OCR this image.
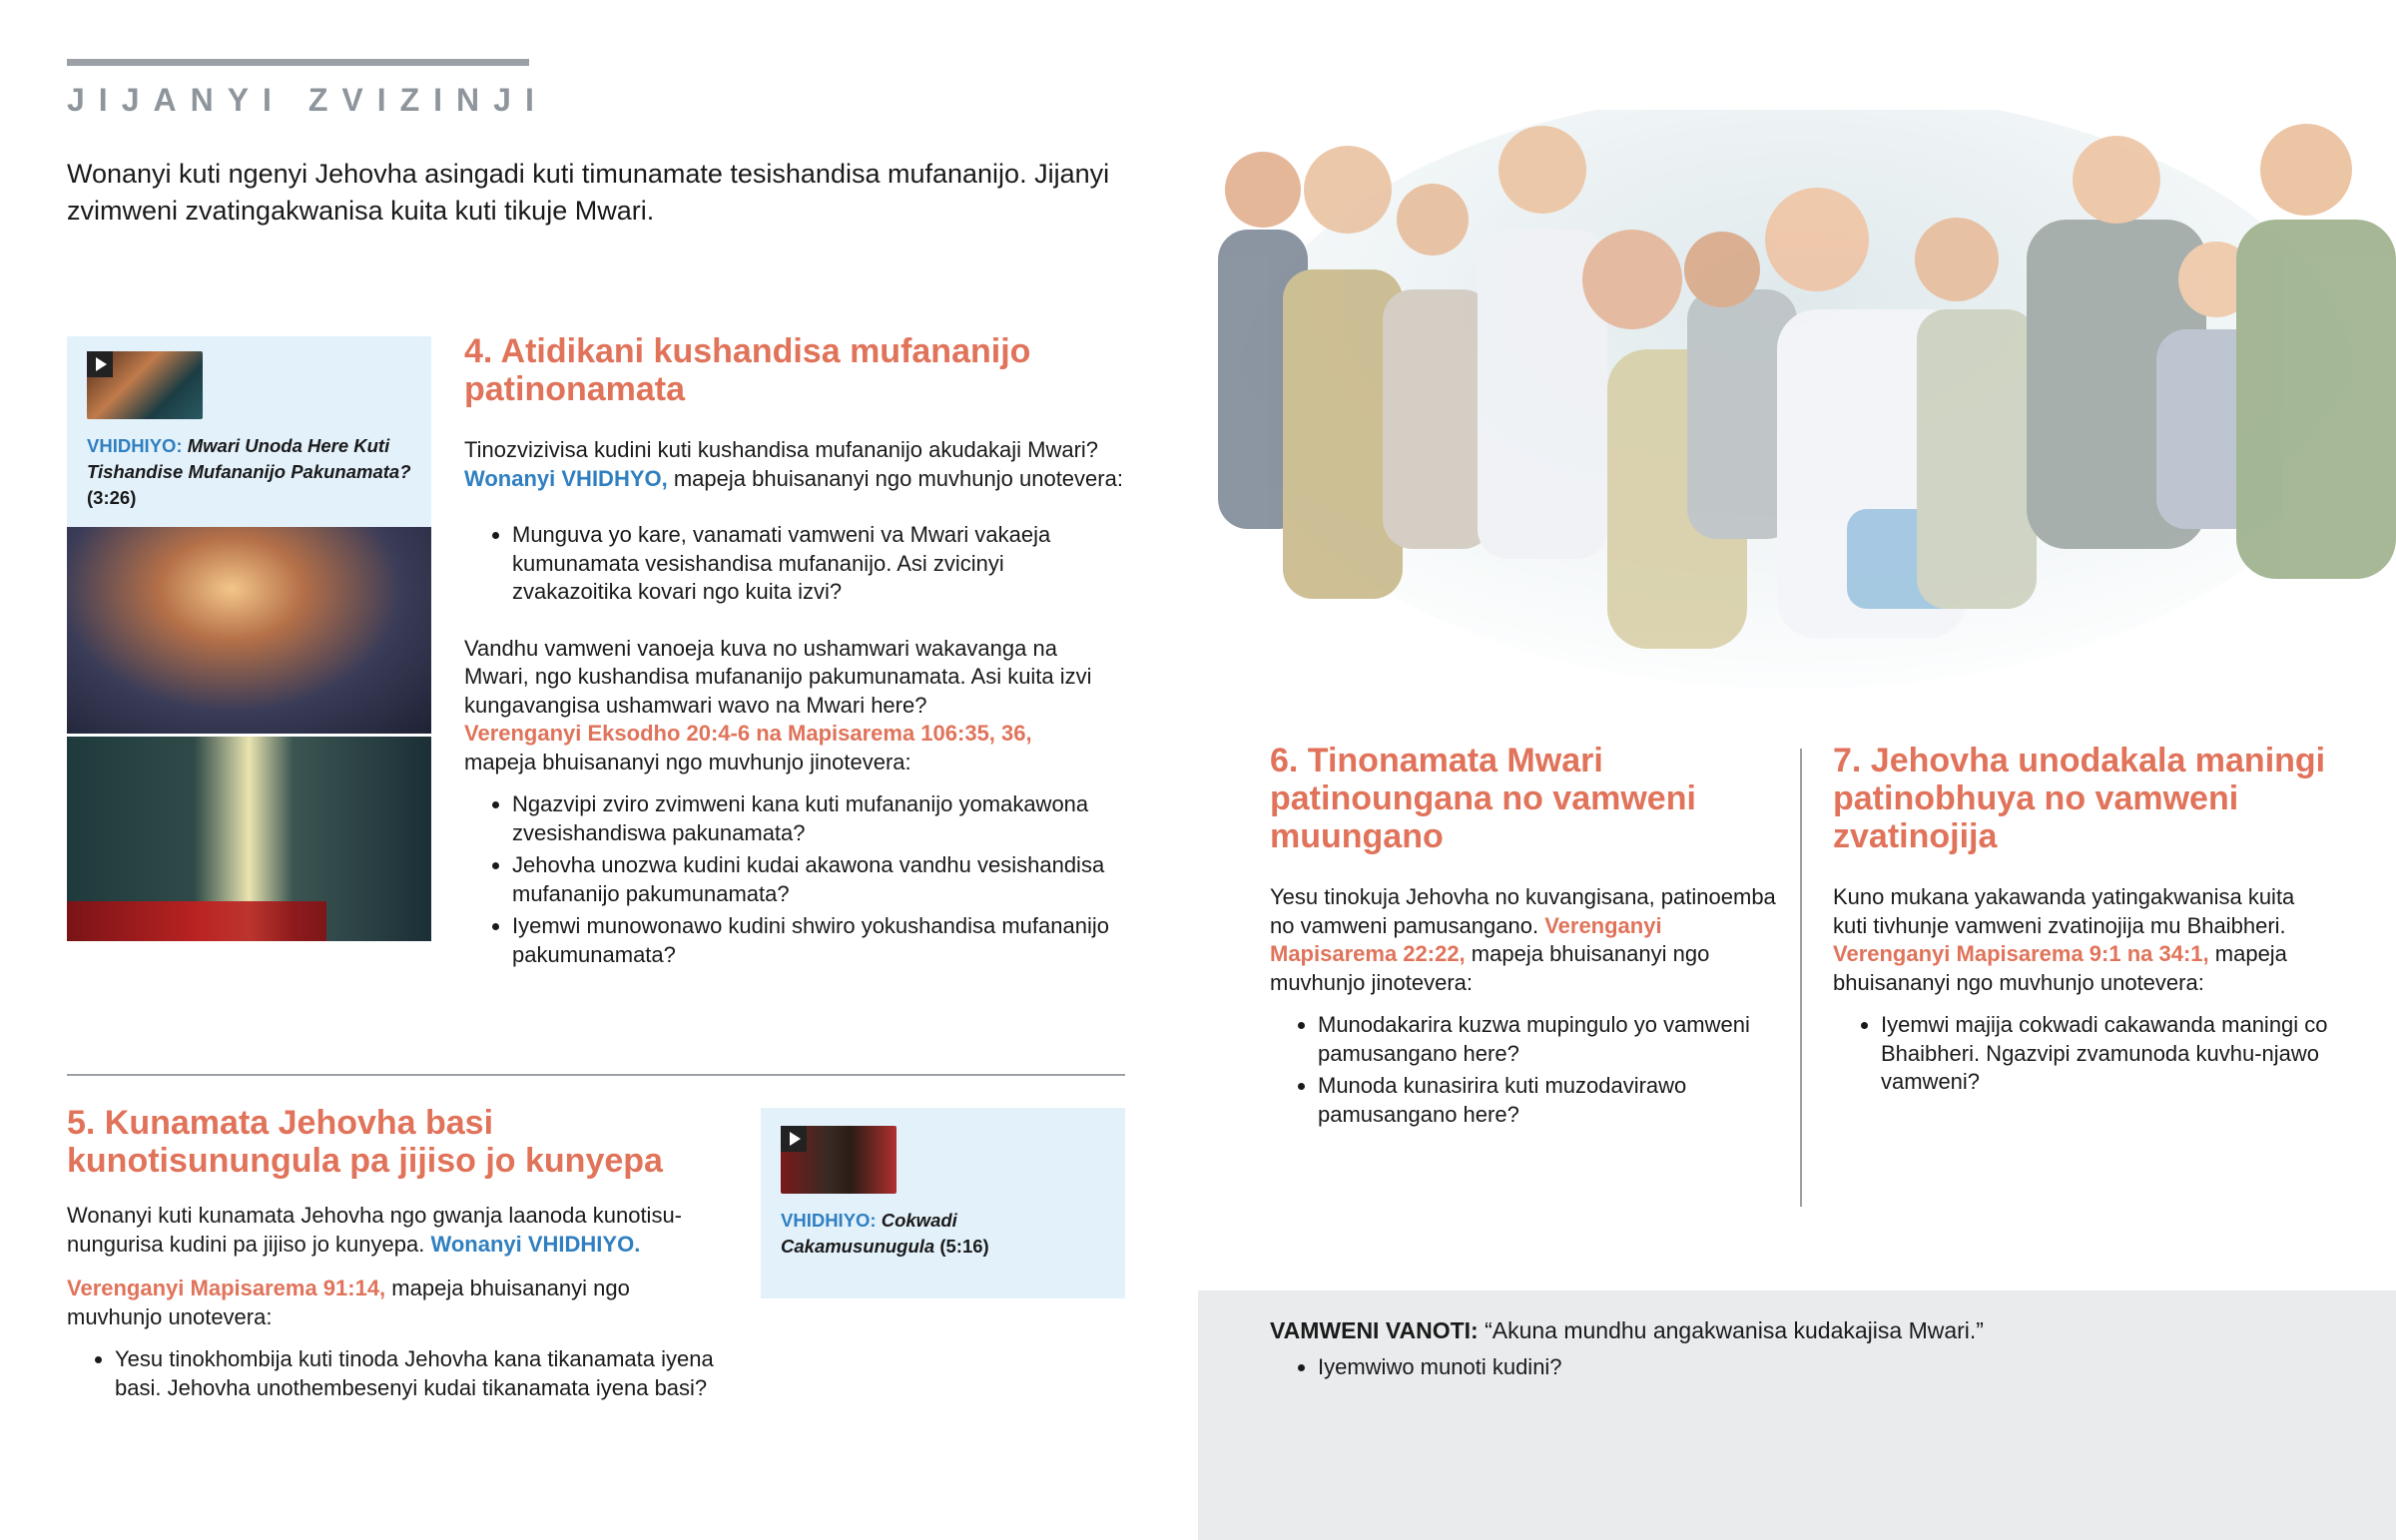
JIJANYI ZVIZINJI
Wonanyi kuti ngenyi Jehovha asingadi kuti timunamate tesishandisa mufananijo. Jijanyi zvimweni zvatingakwanisa kuita kuti tikuje Mwari.
VHIDHIYO: Mwari Unoda Here Kuti Tishandise Mufananijo Pakunamata?
(3:26)
4. Atidikani kushandisa mufananijo patinonamata

Tinozvizivisa kudini kuti kushandisa mufananijo akudakaji Mwari? Wonanyi VHIDHYO, mapeja bhuisananyi ngo muvhunjo unotevera:

• Munguva yo kare, vanamati vamweni va Mwari vakaeja kumunamata vesishandisa mufananijo. Asi zvicinyi zvakazoitika kovari ngo kuita izvi?

Vandhu vamweni vanoeja kuva no ushamwari wakavanga na Mwari, ngo kushandisa mufananijo pakumunamata. Asi kuita izvi kungavangisa ushamwari wavo na Mwari here?
Verenganyi Eksodho 20:4-6 na Mapisarema 106:35, 36,
mapeja bhuisananyi ngo muvhunjo jinotevera:

• Ngazvipi zviro zvimweni kana kuti mufananijo yomakawona zvesishandiswa pakunamata?
• Jehovha unozwa kudini kudai akawona vandhu vesishandisa mufananijo pakumunamata?
• Iyemwi munowonawo kudini shwiro yokushandisa mufananijo pakumunamata?
5. Kunamata Jehovha basi kunotisunungula pa jijiso jo kunyepa

Wonanyi kuti kunamata Jehovha ngo gwanja laanoda kunotisu-nungurisa kudini pa jijiso jo kunyepa. Wonanyi VHIDHIYO.

Verenganyi Mapisarema 91:14, mapeja bhuisananyi ngo muvhunjo unotevera:

• Yesu tinokhombija kuti tinoda Jehovha kana tikanamata iyena basi. Jehovha unothembesenyi kudai tikanamata iyena basi?
VHIDHIYO: Cokwadi Cakamusunugula (5:16)
6. Tinonamata Mwari patinoungana no vamweni muungano

Yesu tinokuja Jehovha no kuvangisana, patinoemba no vamweni pamusangano. Verenganyi Mapisarema 22:22, mapeja bhuisananyi ngo muvhunjo jinotevera:

• Munodakarira kuzwa mupingulo yo vamweni pamusangano here?
• Munoda kunasirira kuti muzodavirawo pamusangano here?
7. Jehovha unodakala maningi patinobhuya no vamweni zvatinojija

Kuno mukana yakawanda yatingakwanisa kuita kuti tivhunje vamweni zvatinojija mu Bhaibheri. Verenganyi Mapisarema 9:1 na 34:1, mapeja bhuisananyi ngo muvhunjo unotevera:

• Iyemwi majija cokwadi cakawanda maningi co Bhaibheri. Ngazvipi zvamunoda kuvhu-njawo vamweni?

VAMWENI VANOTI: “Akuna mundhu angakwanisa kudakajisa Mwari.”

• Iyemwiwo munoti kudini?
